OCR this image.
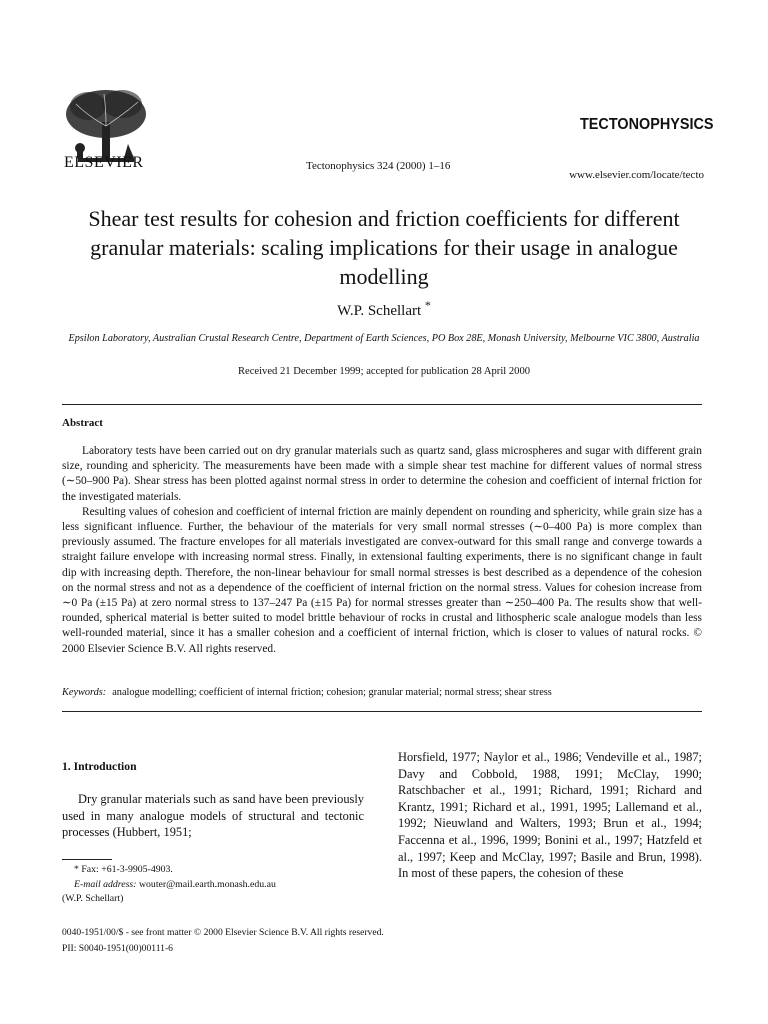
ELSEVIER	Tectonophysics 324 (2000) 1–16
TECTONOPHYSICS
www.elsevier.com/locate/tecto
Shear test results for cohesion and friction coefficients for different granular materials: scaling implications for their usage in analogue modelling
W.P. Schellart *
Epsilon Laboratory, Australian Crustal Research Centre, Department of Earth Sciences, PO Box 28E, Monash University, Melbourne VIC 3800, Australia
Received 21 December 1999; accepted for publication 28 April 2000
Abstract

Laboratory tests have been carried out on dry granular materials such as quartz sand, glass microspheres and sugar with different grain size, rounding and sphericity. The measurements have been made with a simple shear test machine for different values of normal stress (∼50–900 Pa). Shear stress has been plotted against normal stress in order to determine the cohesion and coefficient of internal friction for the investigated materials.

Resulting values of cohesion and coefficient of internal friction are mainly dependent on rounding and sphericity, while grain size has a less significant influence. Further, the behaviour of the materials for very small normal stresses (∼0–400 Pa) is more complex than previously assumed. The fracture envelopes for all materials investigated are convex-outward for this small range and converge towards a straight failure envelope with increasing normal stress. Finally, in extensional faulting experiments, there is no significant change in fault dip with increasing depth. Therefore, the non-linear behaviour for small normal stresses is best described as a dependence of the cohesion on the normal stress and not as a dependence of the coefficient of internal friction on the normal stress. Values for cohesion increase from ∼0 Pa (±15 Pa) at zero normal stress to 137–247 Pa (±15 Pa) for normal stresses greater than ∼250–400 Pa. The results show that well-rounded, spherical material is better suited to model brittle behaviour of rocks in crustal and lithospheric scale analogue models than less well-rounded material, since it has a smaller cohesion and a coefficient of internal friction, which is closer to values of natural rocks. © 2000 Elsevier Science B.V. All rights reserved.

Keywords: analogue modelling; coefficient of internal friction; cohesion; granular material; normal stress; shear stress
1. Introduction

Dry granular materials such as sand have been previously used in many analogue models of structural and tectonic processes (Hubbert, 1951;

Horsfield, 1977; Naylor et al., 1986; Vendeville et al., 1987; Davy and Cobbold, 1988, 1991; McClay, 1990; Ratschbacher et al., 1991; Richard, 1991; Richard and Krantz, 1991; Richard et al., 1991, 1995; Lallemand et al., 1992; Nieuwland and Walters, 1993; Brun et al., 1994; Faccenna et al., 1996, 1999; Bonini et al., 1997; Hatzfeld et al., 1997; Keep and McClay, 1997; Basile and Brun, 1998). In most of these papers, the cohesion of these

* Fax: +61-3-9905-4903.
E-mail address: wouter@mail.earth.monash.edu.au
(W.P. Schellart)
0040-1951/00/$ - see front matter © 2000 Elsevier Science B.V. All rights reserved.
PII: S0040-1951(00)00111-6
